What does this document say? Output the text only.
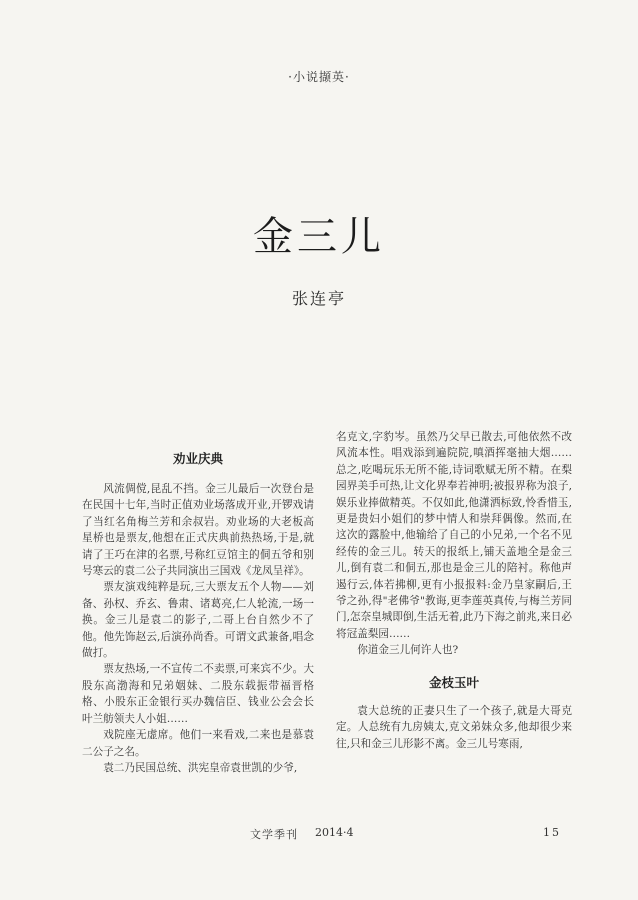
·小说撷英·
金三儿
张连亭
劝业庆典

风流倜傥,昆乱不挡。金三儿最后一次登台是在民国十七年,当时正值劝业场落成开业,开锣戏请了当红名角梅兰芳和余叔岩。劝业场的大老板高星桥也是票友,他想在正式庆典前热热场,于是,就请了王巧在津的名票,号称红豆馆主的侗五爷和别号寒云的袁二公子共同演出三国戏《龙凤呈祥》。

票友演戏纯粹是玩,三大票友五个人物——刘备、孙权、乔玄、鲁肃、诸葛亮,仁人轮流,一场一换。金三儿是袁二的影子,二哥上台自然少不了他。他先饰赵云,后演孙尚香。可谓文武兼备,唱念做打。

票友热场,一不宣传二不卖票,可来宾不少。大股东高渤海和兄弟姻妹、二股东载振带福晋格格、小股东正金银行买办魏信臣、钱业公会会长叶兰舫领夫人小姐……

戏院座无虚席。他们一来看戏,二来也是慕袁二公子之名。

袁二乃民国总统、洪宪皇帝袁世凯的少爷,

名克文,字豹岑。虽然乃父早已散去,可他依然不改风流本性。唱戏添到遍院院,嗔酒挥毫抽大烟……总之,吃喝玩乐无所不能,诗词歌赋无所不精。在梨园界美手可热,让文化界奉若神明;被报界称为浪子,娱乐业捧做精英。不仅如此,他潇洒标致,怜香惜玉,更是贵妇小姐们的梦中情人和崇拜偶像。然而,在这次的露脸中,他输给了自己的小兄弟,一个名不见经传的金三儿。转天的报纸上,铺天盖地全是金三儿,倒有袁二和侗五,那也是金三儿的陪衬。称他声遏行云,体若拂柳,更有小报报料:金乃皇家嗣后,王爷之孙,得"老佛爷"教诲,更李莲英真传,与梅兰芳同门,怎奈皇城即倒,生活无着,此乃下海之前兆,来日必将冠盖梨园……

你道金三儿何许人也?

金枝玉叶

袁大总统的正妻只生了一个孩子,就是大哥克定。人总统有九房姨太,克文弟妹众多,他却很少来往,只和金三儿形影不离。金三儿号寒雨,

文学季刊 2014·4	15
